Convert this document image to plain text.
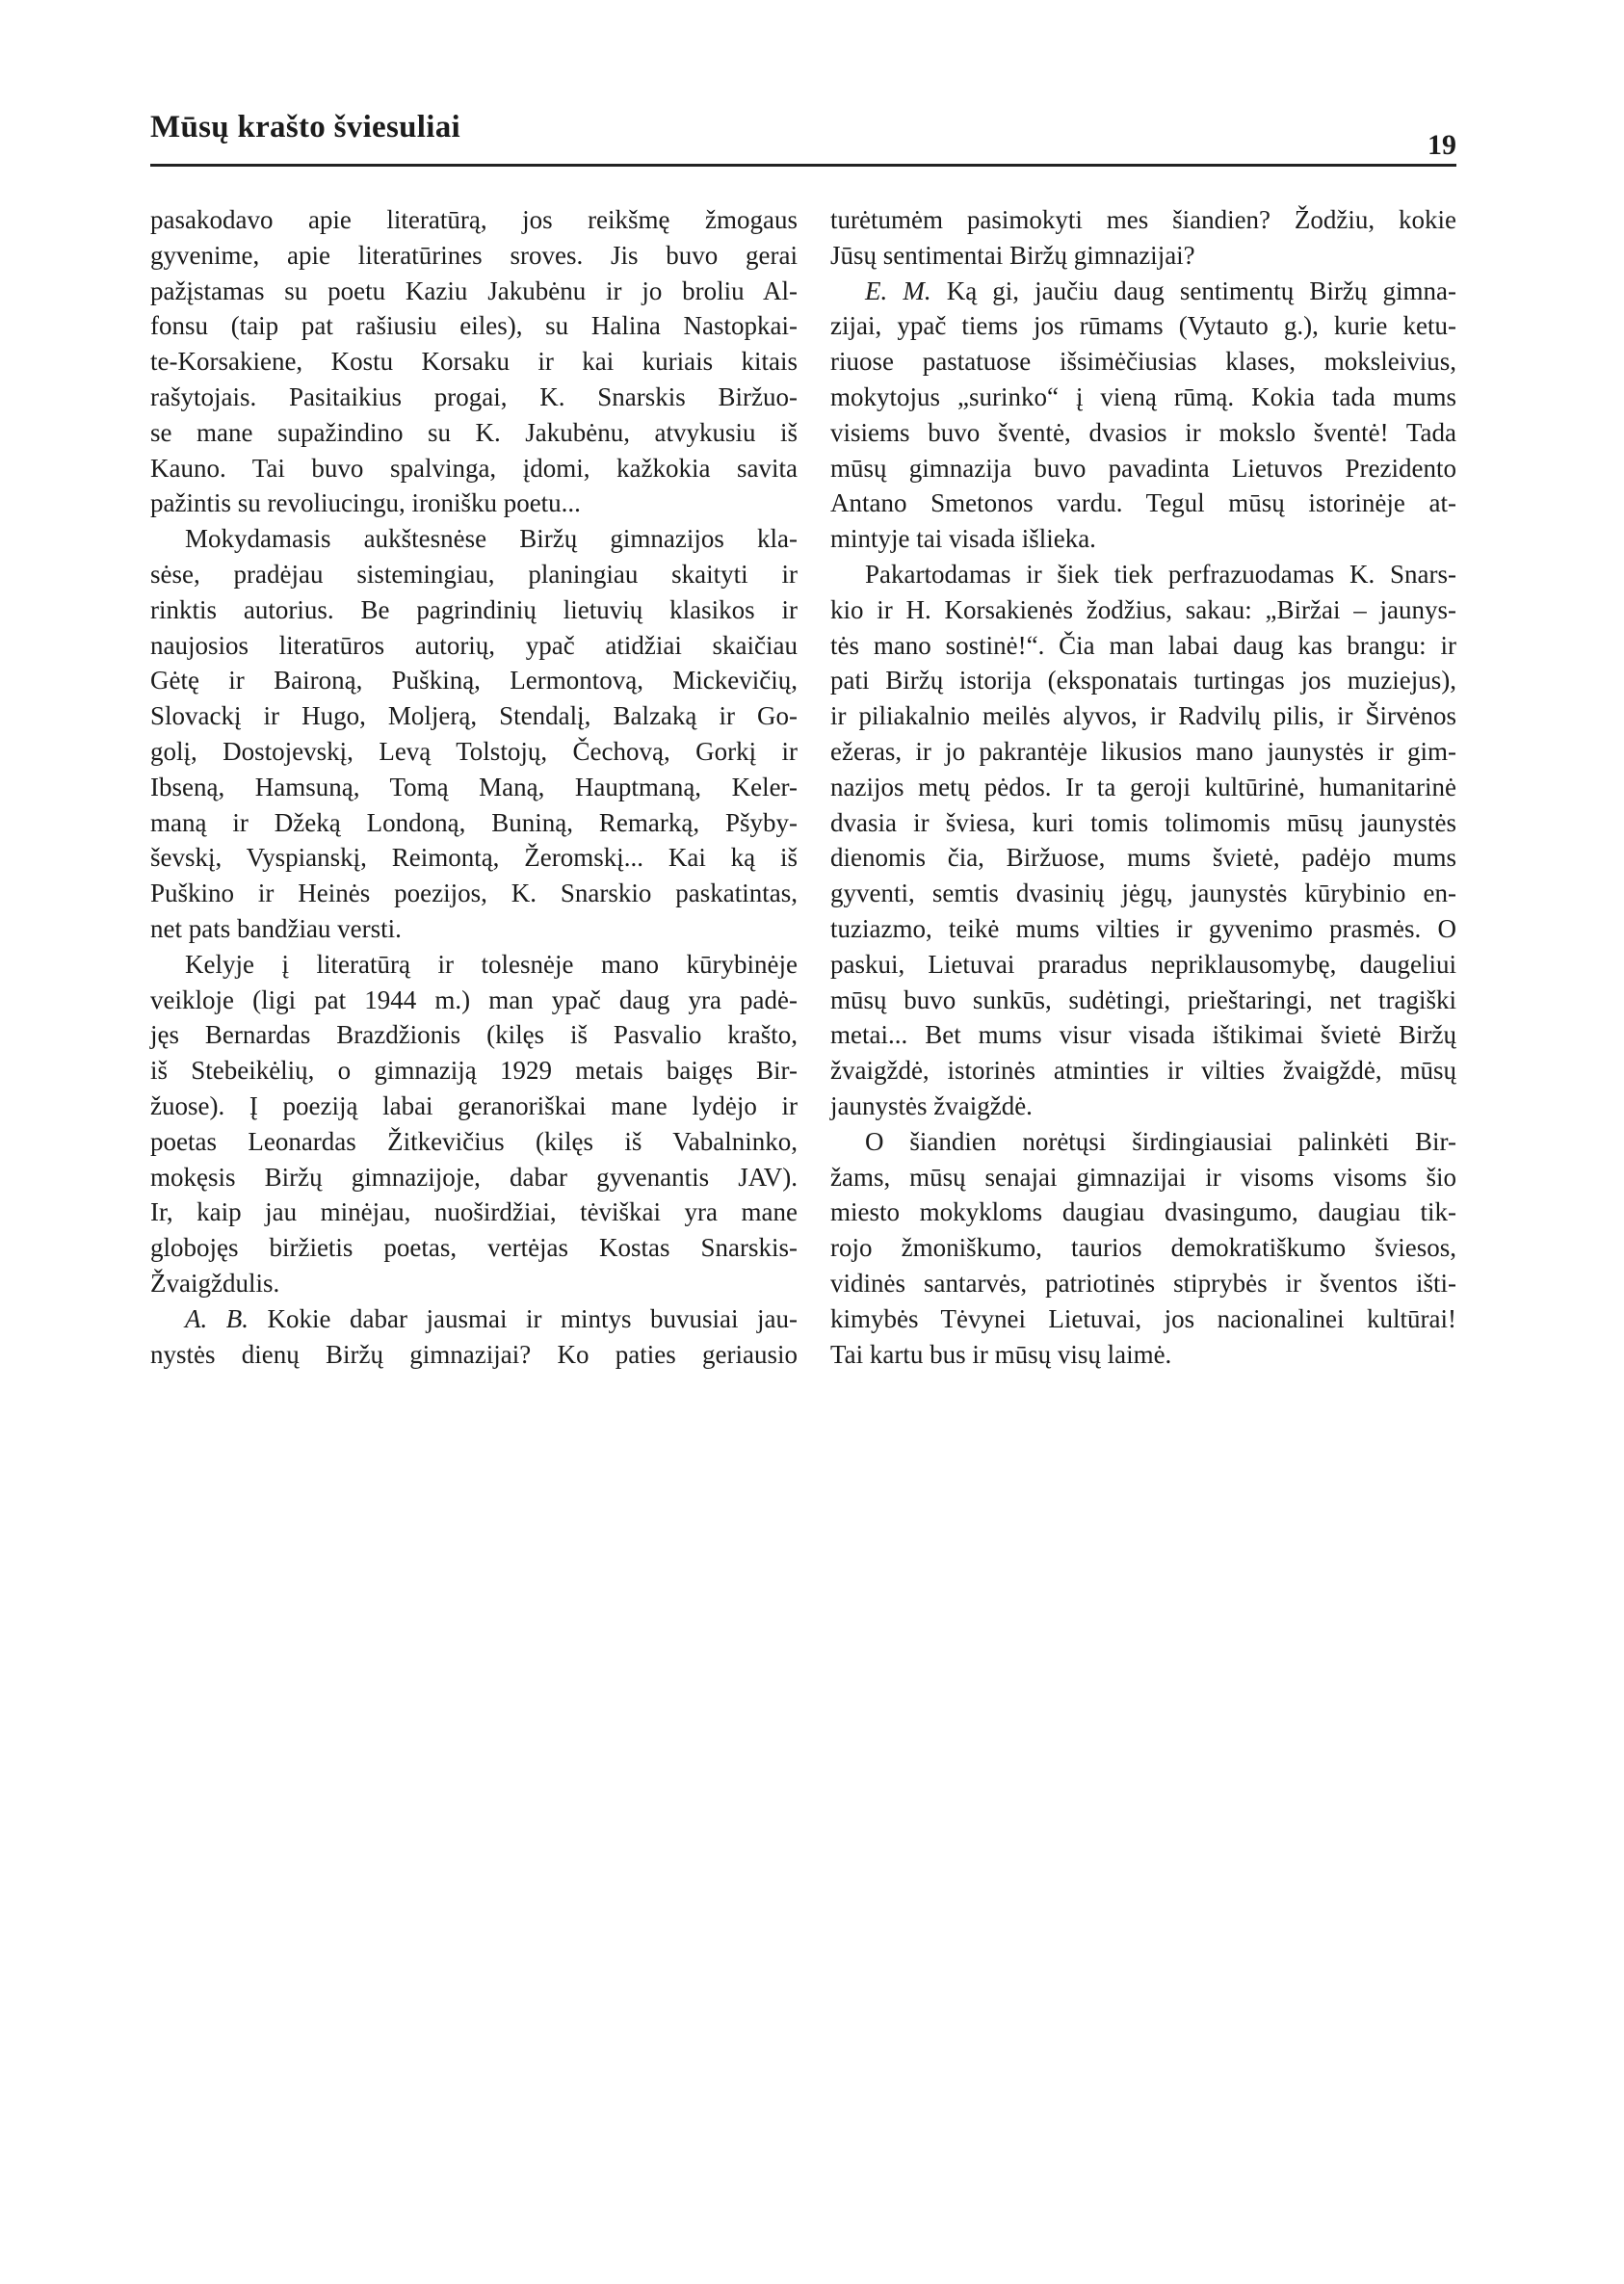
Mūsų krašto šviesuliai
19
pasakodavo apie literatūrą, jos reikšmę žmogaus
gyvenime, apie literatūrines sroves. Jis buvo gerai
pažįstamas su poetu Kaziu Jakubėnu ir jo broliu Al-
fonsu (taip pat rašiusiu eiles), su Halina Nastopkai-
te-Korsakiene, Kostu Korsaku ir kai kuriais kitais
rašytojais. Pasitaikius progai, K. Snarskis Biržuo-
se mane supažindino su K. Jakubėnu, atvykusiu iš
Kauno. Tai buvo spalvinga, įdomi, kažkokia savita
pažintis su revoliucingu, ironišku poetu...
Mokydamasis aukštesnėse Biržų gimnazijos kla-
sėse, pradėjau sistemingiau, planingiau skaityti ir
rinktis autorius. Be pagrindinių lietuvių klasikos ir
naujosios literatūros autorių, ypač atidžiai skaičiau
Gėtę ir Baironą, Puškiną, Lermontovą, Mickevičių,
Slovackį ir Hugo, Moljerą, Stendalį, Balzaką ir Go-
golį, Dostojevskį, Levą Tolstojų, Čechovą, Gorkį ir
Ibseną, Hamsuną, Tomą Maną, Hauptmaną, Keler-
maną ir Džeką Londoną, Buniną, Remarką, Pšyby-
ševskį, Vyspianskį, Reimontą, Žeromskį... Kai ką iš
Puškino ir Heinės poezijos, K. Snarskio paskatintas,
net pats bandžiau versti.
Kelyje į literatūrą ir tolesnėje mano kūrybinėje
veikloje (ligi pat 1944 m.) man ypač daug yra padė-
jęs Bernardas Brazdžionis (kilęs iš Pasvalio krašto,
iš Stebeikėlių, o gimnaziją 1929 metais baigęs Bir-
žuose). Į poeziją labai geranoriškai mane lydėjo ir
poetas Leonardas Žitkevičius (kilęs iš Vabalninko,
mokęsis Biržų gimnazijoje, dabar gyvenantis JAV).
Ir, kaip jau minėjau, nuoširdžiai, tėviškai yra mane
globojęs biržietis poetas, vertėjas Kostas Snarskis-
Žvaigždulis.
A. B. Kokie dabar jausmai ir mintys buvusiai jau-
nystės dienų Biržų gimnazijai? Ko paties geriausio
turėtumėm pasimokyti mes šiandien? Žodžiu, kokie
Jūsų sentimentai Biržų gimnazijai?
E. M. Ką gi, jaučiu daug sentimentų Biržų gimna-
zijai, ypač tiems jos rūmams (Vytauto g.), kurie ketu-
riuose pastatuose išsimėčiusias klases, moksleivius,
mokytojus „surinko“ į vieną rūmą. Kokia tada mums
visiems buvo šventė, dvasios ir mokslo šventė! Tada
mūsų gimnazija buvo pavadinta Lietuvos Prezidento
Antano Smetonos vardu. Tegul mūsų istorinėje at-
mintyje tai visada išlieka.
Pakartodamas ir šiek tiek perfrazuodamas K. Snars-
kio ir H. Korsakienės žodžius, sakau: „Biržai – jaunys-
tės mano sostinė!“. Čia man labai daug kas brangu: ir
pati Biržų istorija (eksponatais turtingas jos muziejus),
ir piliakalnio meilės alyvos, ir Radvilų pilis, ir Širvėnos
ežeras, ir jo pakrantėje likusios mano jaunystės ir gim-
nazijos metų pėdos. Ir ta geroji kultūrinė, humanitarinė
dvasia ir šviesa, kuri tomis tolimomis mūsų jaunystės
dienomis čia, Biržuose, mums švietė, padėjo mums
gyventi, semtis dvasinių jėgų, jaunystės kūrybinio en-
tuziazmo, teikė mums vilties ir gyvenimo prasmės. O
paskui, Lietuvai praradus nepriklausomybę, daugeliui
mūsų buvo sunkūs, sudėtingi, prieštaringi, net tragiški
metai... Bet mums visur visada ištikimai švietė Biržų
žvaigždė, istorinės atminties ir vilties žvaigždė, mūsų
jaunystės žvaigždė.
O šiandien norėtųsi širdingiausiai palinkėti Bir-
žams, mūsų senajai gimnazijai ir visoms visoms šio
miesto mokykloms daugiau dvasingumo, daugiau tik-
rojo žmoniškumo, taurios demokratiškumo šviesos,
vidinės santarvės, patriotinės stiprybės ir šventos išti-
kimybės Tėvynei Lietuvai, jos nacionalinei kultūrai!
Tai kartu bus ir mūsų visų laimė.
